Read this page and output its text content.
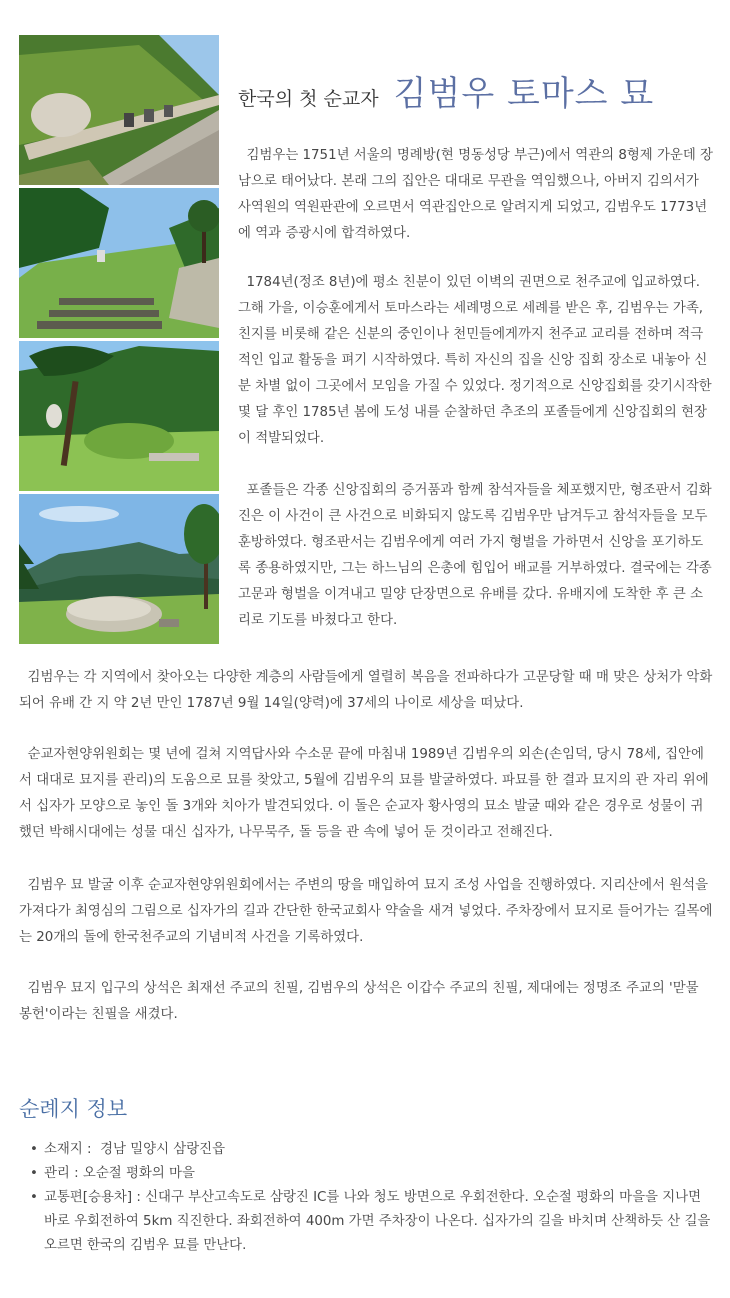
한국의 첫 순교자 김범우 토마스 묘

김범우는 1751년 서울의 명례방(현 명동성당 부근)에서 역관의 8형제 가운데 장남으로 태어났다. 본래 그의 집안은 대대로 무관을 역임했으나, 아버지 김의서가 사역원의 역원판관에 오르면서 역관집안으로 알려지게 되었고, 김범우도 1773년에 역과 증광시에 합격하였다.

1784년(정조 8년)에 평소 친분이 있던 이벽의 권면으로 천주교에 입교하였다. 그해 가을, 이승훈에게서 토마스라는 세례명으로 세례를 받은 후, 김범우는 가족, 친지를 비롯해 같은 신분의 중인이나 천민들에게까지 천주교 교리를 전하며 적극적인 입교 활동을 펴기 시작하였다. 특히 자신의 집을 신앙 집회 장소로 내놓아 신분 차별 없이 그곳에서 모임을 가질 수 있었다. 정기적으로 신앙집회를 갖기시작한 몇 달 후인 1785년 봄에 도성 내를 순찰하던 추조의 포졸들에게 신앙집회의 현장이 적발되었다.

포졸들은 각종 신앙집회의 증거품과 함께 참석자들을 체포했지만, 형조판서 김화진은 이 사건이 큰 사건으로 비화되지 않도록 김범우만 남겨두고 참석자들을 모두 훈방하였다. 형조판서는 김범우에게 여러 가지 형벌을 가하면서 신앙을 포기하도록 종용하였지만, 그는 하느님의 은총에 힘입어 배교를 거부하였다. 결국에는 각종 고문과 형벌을 이겨내고 밀양 단장면으로 유배를 갔다. 유배지에 도착한 후 큰 소리로 기도를 바쳤다고 한다.

김범우는 각 지역에서 찾아오는 다양한 계층의 사람들에게 열렬히 복음을 전파하다가 고문당할 때 매 맞은 상처가 악화되어 유배 간 지 약 2년 만인 1787년 9월 14일(양력)에 37세의 나이로 세상을 떠났다.

순교자현양위원회는 몇 년에 걸쳐 지역답사와 수소문 끝에 마침내 1989년 김범우의 외손(손임덕, 당시 78세, 집안에서 대대로 묘지를 관리)의 도움으로 묘를 찾았고, 5월에 김범우의 묘를 발굴하였다. 파묘를 한 결과 묘지의 관 자리 위에서 십자가 모양으로 놓인 돌 3개와 치아가 발견되었다. 이 돌은 순교자 황사영의 묘소 발굴 때와 같은 경우로 성물이 귀했던 박해시대에는 성물 대신 십자가, 나무묵주, 돌 등을 관 속에 넣어 둔 것이라고 전해진다.

김범우 묘 발굴 이후 순교자현양위원회에서는 주변의 땅을 매입하여 묘지 조성 사업을 진행하였다. 지리산에서 원석을 가져다가 최영심의 그림으로 십자가의 길과 간단한 한국교회사 약술을 새겨 넣었다. 주차장에서 묘지로 들어가는 길목에는 20개의 돌에 한국천주교의 기념비적 사건을 기록하였다.

김범우 묘지 입구의 상석은 최재선 주교의 친필, 김범우의 상석은 이갑수 주교의 친필, 제대에는 정명조 주교의 '맏물 봉헌'이라는 친필을 새겼다.

순례지 정보
• 소재지 :  경남 밀양시 삼랑진읍
• 관리 : 오순절 평화의 마을
• 교통편[승용차] : 신대구 부산고속도로 삼랑진 IC를 나와 청도 방면으로 우회전한다. 오순절 평화의 마을을 지나면 바로 우회전하여 5km 직진한다. 좌회전하여 400m 가면 주차장이 나온다. 십자가의 길을 바치며 산책하듯 산 길을 오르면 한국의 김범우 묘를 만난다.
